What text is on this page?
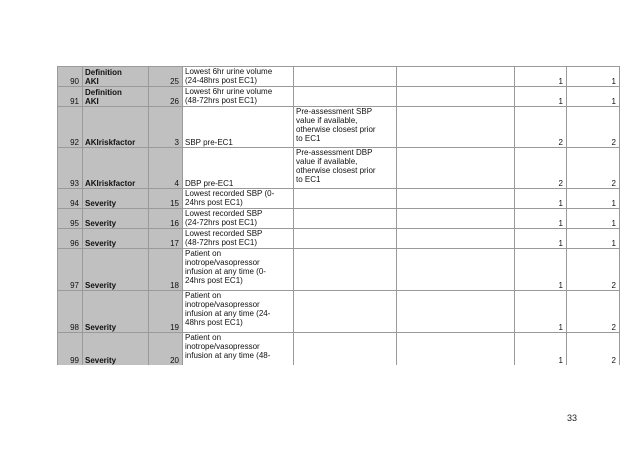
90	Definition
AKI	25	Lowest 6hr urine volume
(24-48hrs post EC1)			1	1
91	Definition
AKI	26	Lowest 6hr urine volume
(48-72hrs post EC1)			1	1
92	AKIriskfactor	3	SBP pre-EC1	Pre-assessment SBP
value if available,
otherwise closest prior
to EC1		2	2
93	AKIriskfactor	4	DBP pre-EC1	Pre-assessment DBP
value if available,
otherwise closest prior
to EC1		2	2
94	Severity	15	Lowest recorded SBP (0-
24hrs post EC1)			1	1
95	Severity	16	Lowest recorded SBP
(24-72hrs post EC1)			1	1
96	Severity	17	Lowest recorded SBP
(48-72hrs post EC1)			1	1
97	Severity	18	Patient on
inotrope/vasopressor
infusion at any time (0-
24hrs post EC1)			1	2
98	Severity	19	Patient on
inotrope/vasopressor
infusion at any time (24-
48hrs post EC1)			1	2
99	Severity	20	Patient on
inotrope/vasopressor
infusion at any time (48-			1	2
33
